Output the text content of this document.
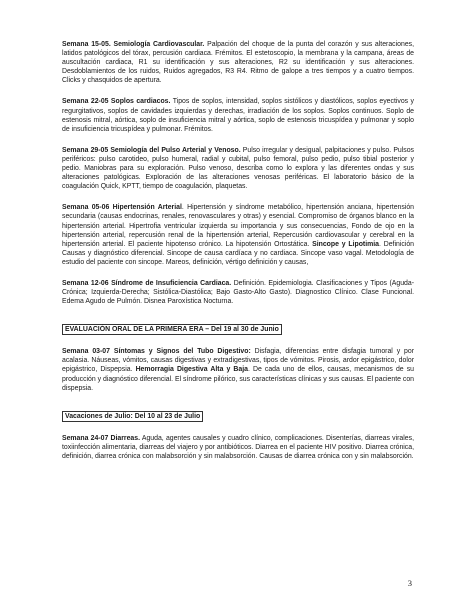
Semana 15-05. Semiología Cardiovascular. Palpación del choque de la punta del corazón y sus alteraciones, latidos patológicos del tórax, percusión cardiaca. Frémitos. El estetoscopio, la membrana y la campana, áreas de auscultación cardiaca, R1 su identificación y sus alteraciones, R2 su identificación y sus alteraciones. Desdoblamientos de los ruidos, Ruidos agregados, R3 R4. Ritmo de galope a tres tiempos y a cuatro tiempos. Clicks y chasquidos de apertura.

Semana 22-05 Soplos cardiacos. Tipos de soplos, intensidad, soplos sistólicos y diastólicos, soplos eyectivos y regurgitativos, soplos de cavidades izquierdas y derechas, irradiación de los soplos. Soplos continuos. Soplo de estenosis mitral, aórtica, soplo de insuficiencia mitral y aórtica, soplo de estenosis tricuspídea y pulmonar y soplo de insuficiencia tricuspídea y pulmonar. Frémitos.

Semana 29-05 Semiología del Pulso Arterial y Venoso. Pulso irregular y desigual, palpitaciones y pulso. Pulsos periféricos: pulso carotideo, pulso humeral, radial y cubital, pulso femoral, pulso pedio, pulso tibial posterior y pedio. Maniobras para su exploración. Pulso venoso, describa como lo explora y las diferentes ondas y sus alteraciones patológicas. Exploración de las alteraciones venosas periféricas. El laboratorio básico de la coagulación Quick, KPTT, tiempo de coagulación, plaquetas.

Semana 05-06 Hipertensión Arterial. Hipertensión y síndrome metabólico, hipertensión anciana, hipertensión secundaria (causas endocrinas, renales, renovasculares y otras) y esencial. Compromiso de órganos blanco en la hipertensión arterial. Hipertrofia ventricular izquierda su importancia y sus consecuencias, Fondo de ojo en la hipertensión arterial, repercusión renal de la hipertensión arterial, Repercusión cardiovascular y cerebral en la hipertensión arterial. El paciente hipotenso crónico. La hipotensión Ortostática. Sincope y Lipotimia. Definición Causas y diagnóstico diferencial. Sincope de causa cardíaca y no cardiaca. Sincope vaso vagal. Metodología de estudio del paciente con sincope. Mareos, definición, vértigo definición y causas,

Semana 12-06 Síndrome de Insuficiencia Cardiaca. Definición. Epidemiologia. Clasificaciones y Tipos (Aguda-Crónica; Izquierda-Derecha; Sistólica-Diastólica; Bajo Gasto-Alto Gasto). Diagnostico Clínico. Clase Funcional. Edema Agudo de Pulmón. Disnea Paroxística Nocturna.

EVALUACIÓN ORAL DE LA PRIMERA ERA – Del 19 al 30 de Junio

Semana 03-07 Síntomas y Signos del Tubo Digestivo: Disfagia, diferencias entre disfagia tumoral y por acalasia. Náuseas, vómitos, causas digestivas y extradigestivas, tipos de vómitos. Pirosis, ardor epigástrico, dolor epigástrico, Dispepsia. Hemorragia Digestiva Alta y Baja. De cada uno de ellos, causas, mecanismos de su producción y diagnóstico diferencial. El síndrome pilórico, sus características clínicas y sus causas. El paciente con dispepsia.

Vacaciones de Julio: Del 10 al 23 de Julio

Semana 24-07 Diarreas. Aguda, agentes causales y cuadro clínico, complicaciones. Disenterías, diarreas virales, toxiinfección alimentaria, diarreas del viajero y por antibióticos. Diarrea en el paciente HIV positivo. Diarrea crónica, definición, diarrea crónica con malabsorción y sin malabsorción. Causas de diarrea crónica con y sin malabsorción.

3
